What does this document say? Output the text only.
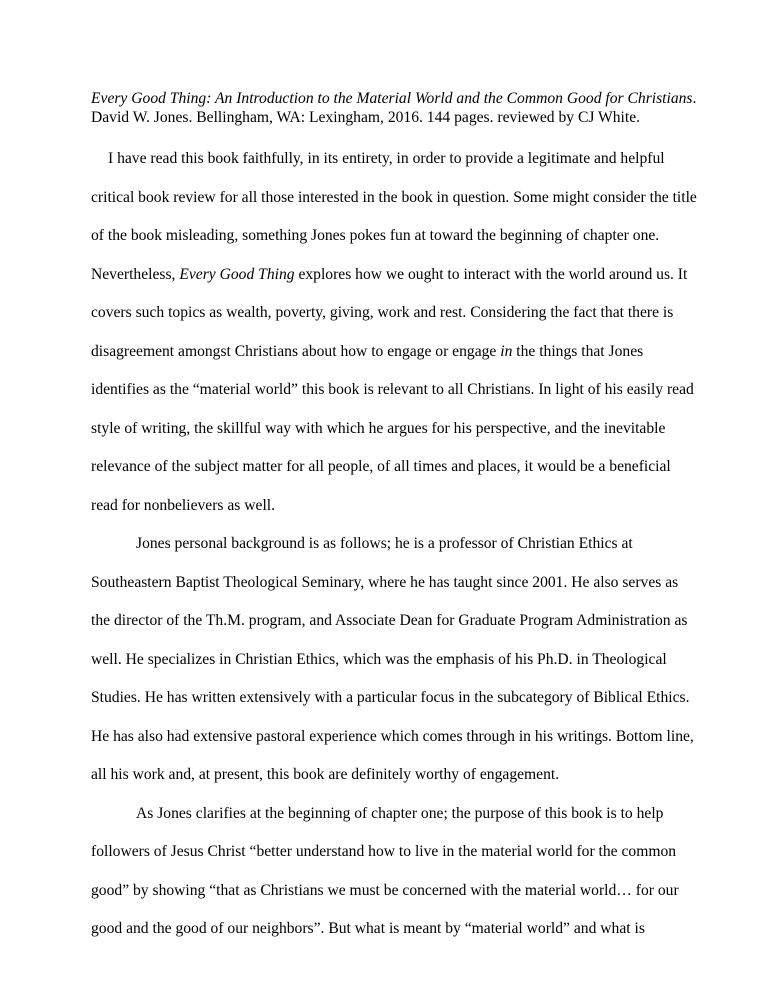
Every Good Thing: An Introduction to the Material World and the Common Good for Christians.
David W. Jones. Bellingham, WA: Lexingham, 2016. 144 pages. reviewed by CJ White.
I have read this book faithfully, in its entirety, in order to provide a legitimate and helpful
critical book review for all those interested in the book in question. Some might consider the title
of the book misleading, something Jones pokes fun at toward the beginning of chapter one.
Nevertheless, Every Good Thing explores how we ought to interact with the world around us. It
covers such topics as wealth, poverty, giving, work and rest. Considering the fact that there is
disagreement amongst Christians about how to engage or engage in the things that Jones
identifies as the “material world” this book is relevant to all Christians. In light of his easily read
style of writing, the skillful way with which he argues for his perspective, and the inevitable
relevance of the subject matter for all people, of all times and places, it would be a beneficial
read for nonbelievers as well.
Jones personal background is as follows; he is a professor of Christian Ethics at
Southeastern Baptist Theological Seminary, where he has taught since 2001. He also serves as
the director of the Th.M. program, and Associate Dean for Graduate Program Administration as
well. He specializes in Christian Ethics, which was the emphasis of his Ph.D. in Theological
Studies. He has written extensively with a particular focus in the subcategory of Biblical Ethics.
He has also had extensive pastoral experience which comes through in his writings. Bottom line,
all his work and, at present, this book are definitely worthy of engagement.
As Jones clarifies at the beginning of chapter one; the purpose of this book is to help
followers of Jesus Christ “better understand how to live in the material world for the common
good” by showing “that as Christians we must be concerned with the material world… for our
good and the good of our neighbors”. But what is meant by “material world” and what is
